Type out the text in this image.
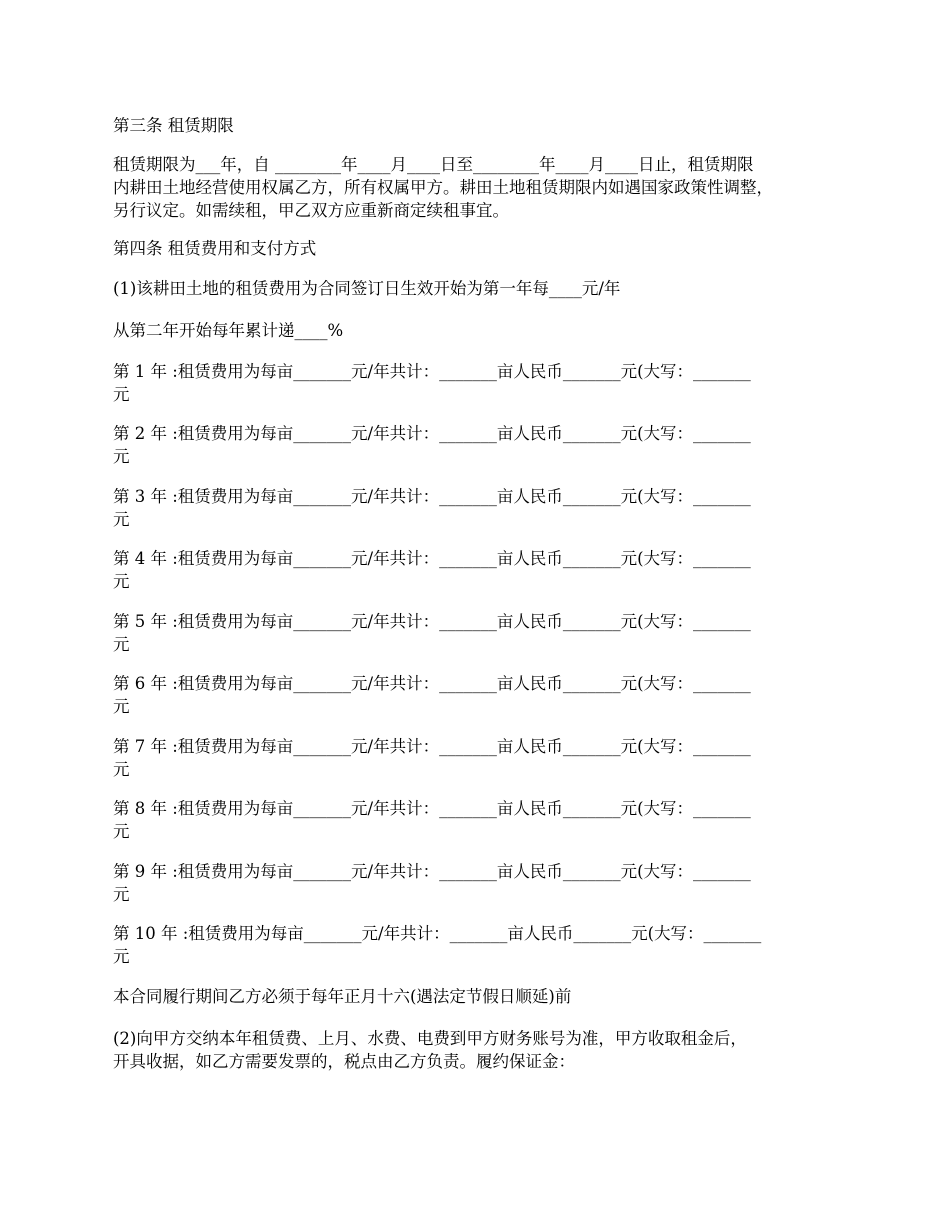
第三条 租赁期限

租赁期限为___年，自 ________年____月____日至________年____月____日止，租赁期限
内耕田土地经营使用权属乙方，所有权属甲方。耕田土地租赁期限内如遇国家政策性调整，
另行议定。如需续租，甲乙双方应重新商定续租事宜。

第四条 租赁费用和支付方式

(1)该耕田土地的租赁费用为合同签订日生效开始为第一年每____元/年

从第二年开始每年累计递____%

第 1 年 :租赁费用为每亩_______元/年共计：_______亩人民币_______元(大写：_______
元

第 2 年 :租赁费用为每亩_______元/年共计：_______亩人民币_______元(大写：_______
元

第 3 年 :租赁费用为每亩_______元/年共计：_______亩人民币_______元(大写：_______
元

第 4 年 :租赁费用为每亩_______元/年共计：_______亩人民币_______元(大写：_______
元

第 5 年 :租赁费用为每亩_______元/年共计：_______亩人民币_______元(大写：_______
元

第 6 年 :租赁费用为每亩_______元/年共计：_______亩人民币_______元(大写：_______
元

第 7 年 :租赁费用为每亩_______元/年共计：_______亩人民币_______元(大写：_______
元

第 8 年 :租赁费用为每亩_______元/年共计：_______亩人民币_______元(大写：_______
元

第 9 年 :租赁费用为每亩_______元/年共计：_______亩人民币_______元(大写：_______
元

第 10 年 :租赁费用为每亩_______元/年共计：_______亩人民币_______元(大写：_______
元

本合同履行期间乙方必须于每年正月十六(遇法定节假日顺延)前

(2)向甲方交纳本年租赁费、上月、水费、电费到甲方财务账号为准，甲方收取租金后，
开具收据，如乙方需要发票的，税点由乙方负责。履约保证金：
